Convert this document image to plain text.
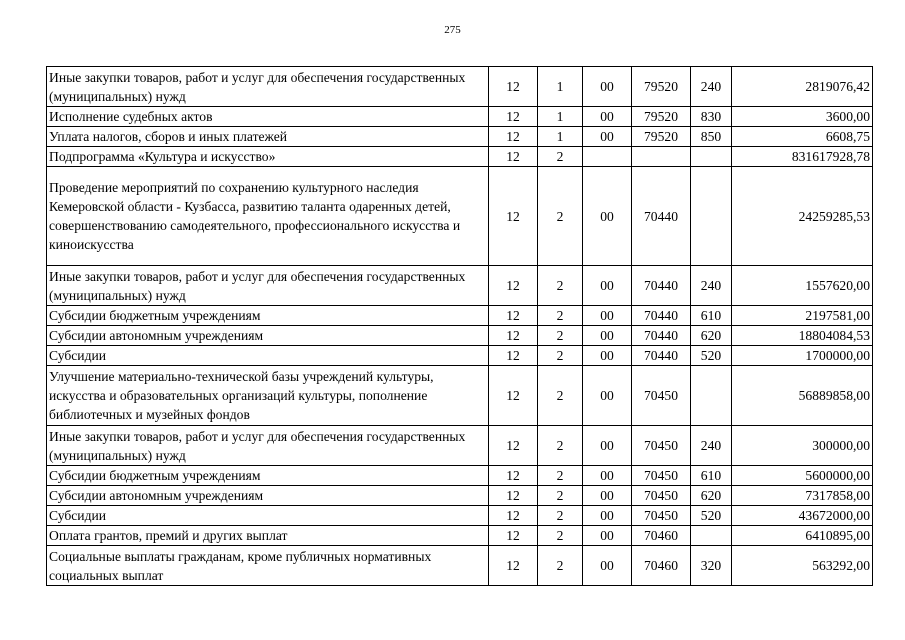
275
Иные закупки товаров, работ и услуг для обеспечения государственных (муниципальных) нужд	12	1	00	79520	240	2819076,42
Исполнение судебных актов	12	1	00	79520	830	3600,00
Уплата налогов, сборов и иных платежей	12	1	00	79520	850	6608,75
Подпрограмма «Культура и искусство»	12	2				831617928,78
Проведение мероприятий по сохранению культурного наследия Кемеровской области - Кузбасса, развитию таланта одаренных детей, совершенствованию самодеятельного, профессионального искусства и киноискусства	12	2	00	70440		24259285,53
Иные закупки товаров, работ и услуг для обеспечения государственных (муниципальных) нужд	12	2	00	70440	240	1557620,00
Субсидии бюджетным учреждениям	12	2	00	70440	610	2197581,00
Субсидии автономным учреждениям	12	2	00	70440	620	18804084,53
Субсидии	12	2	00	70440	520	1700000,00
Улучшение материально-технической базы учреждений культуры, искусства и образовательных организаций культуры, пополнение библиотечных и музейных фондов	12	2	00	70450		56889858,00
Иные закупки товаров, работ и услуг для обеспечения государственных (муниципальных) нужд	12	2	00	70450	240	300000,00
Субсидии бюджетным учреждениям	12	2	00	70450	610	5600000,00
Субсидии автономным учреждениям	12	2	00	70450	620	7317858,00
Субсидии	12	2	00	70450	520	43672000,00
Оплата грантов, премий и других выплат	12	2	00	70460		6410895,00
Социальные выплаты гражданам, кроме публичных нормативных социальных выплат	12	2	00	70460	320	563292,00
